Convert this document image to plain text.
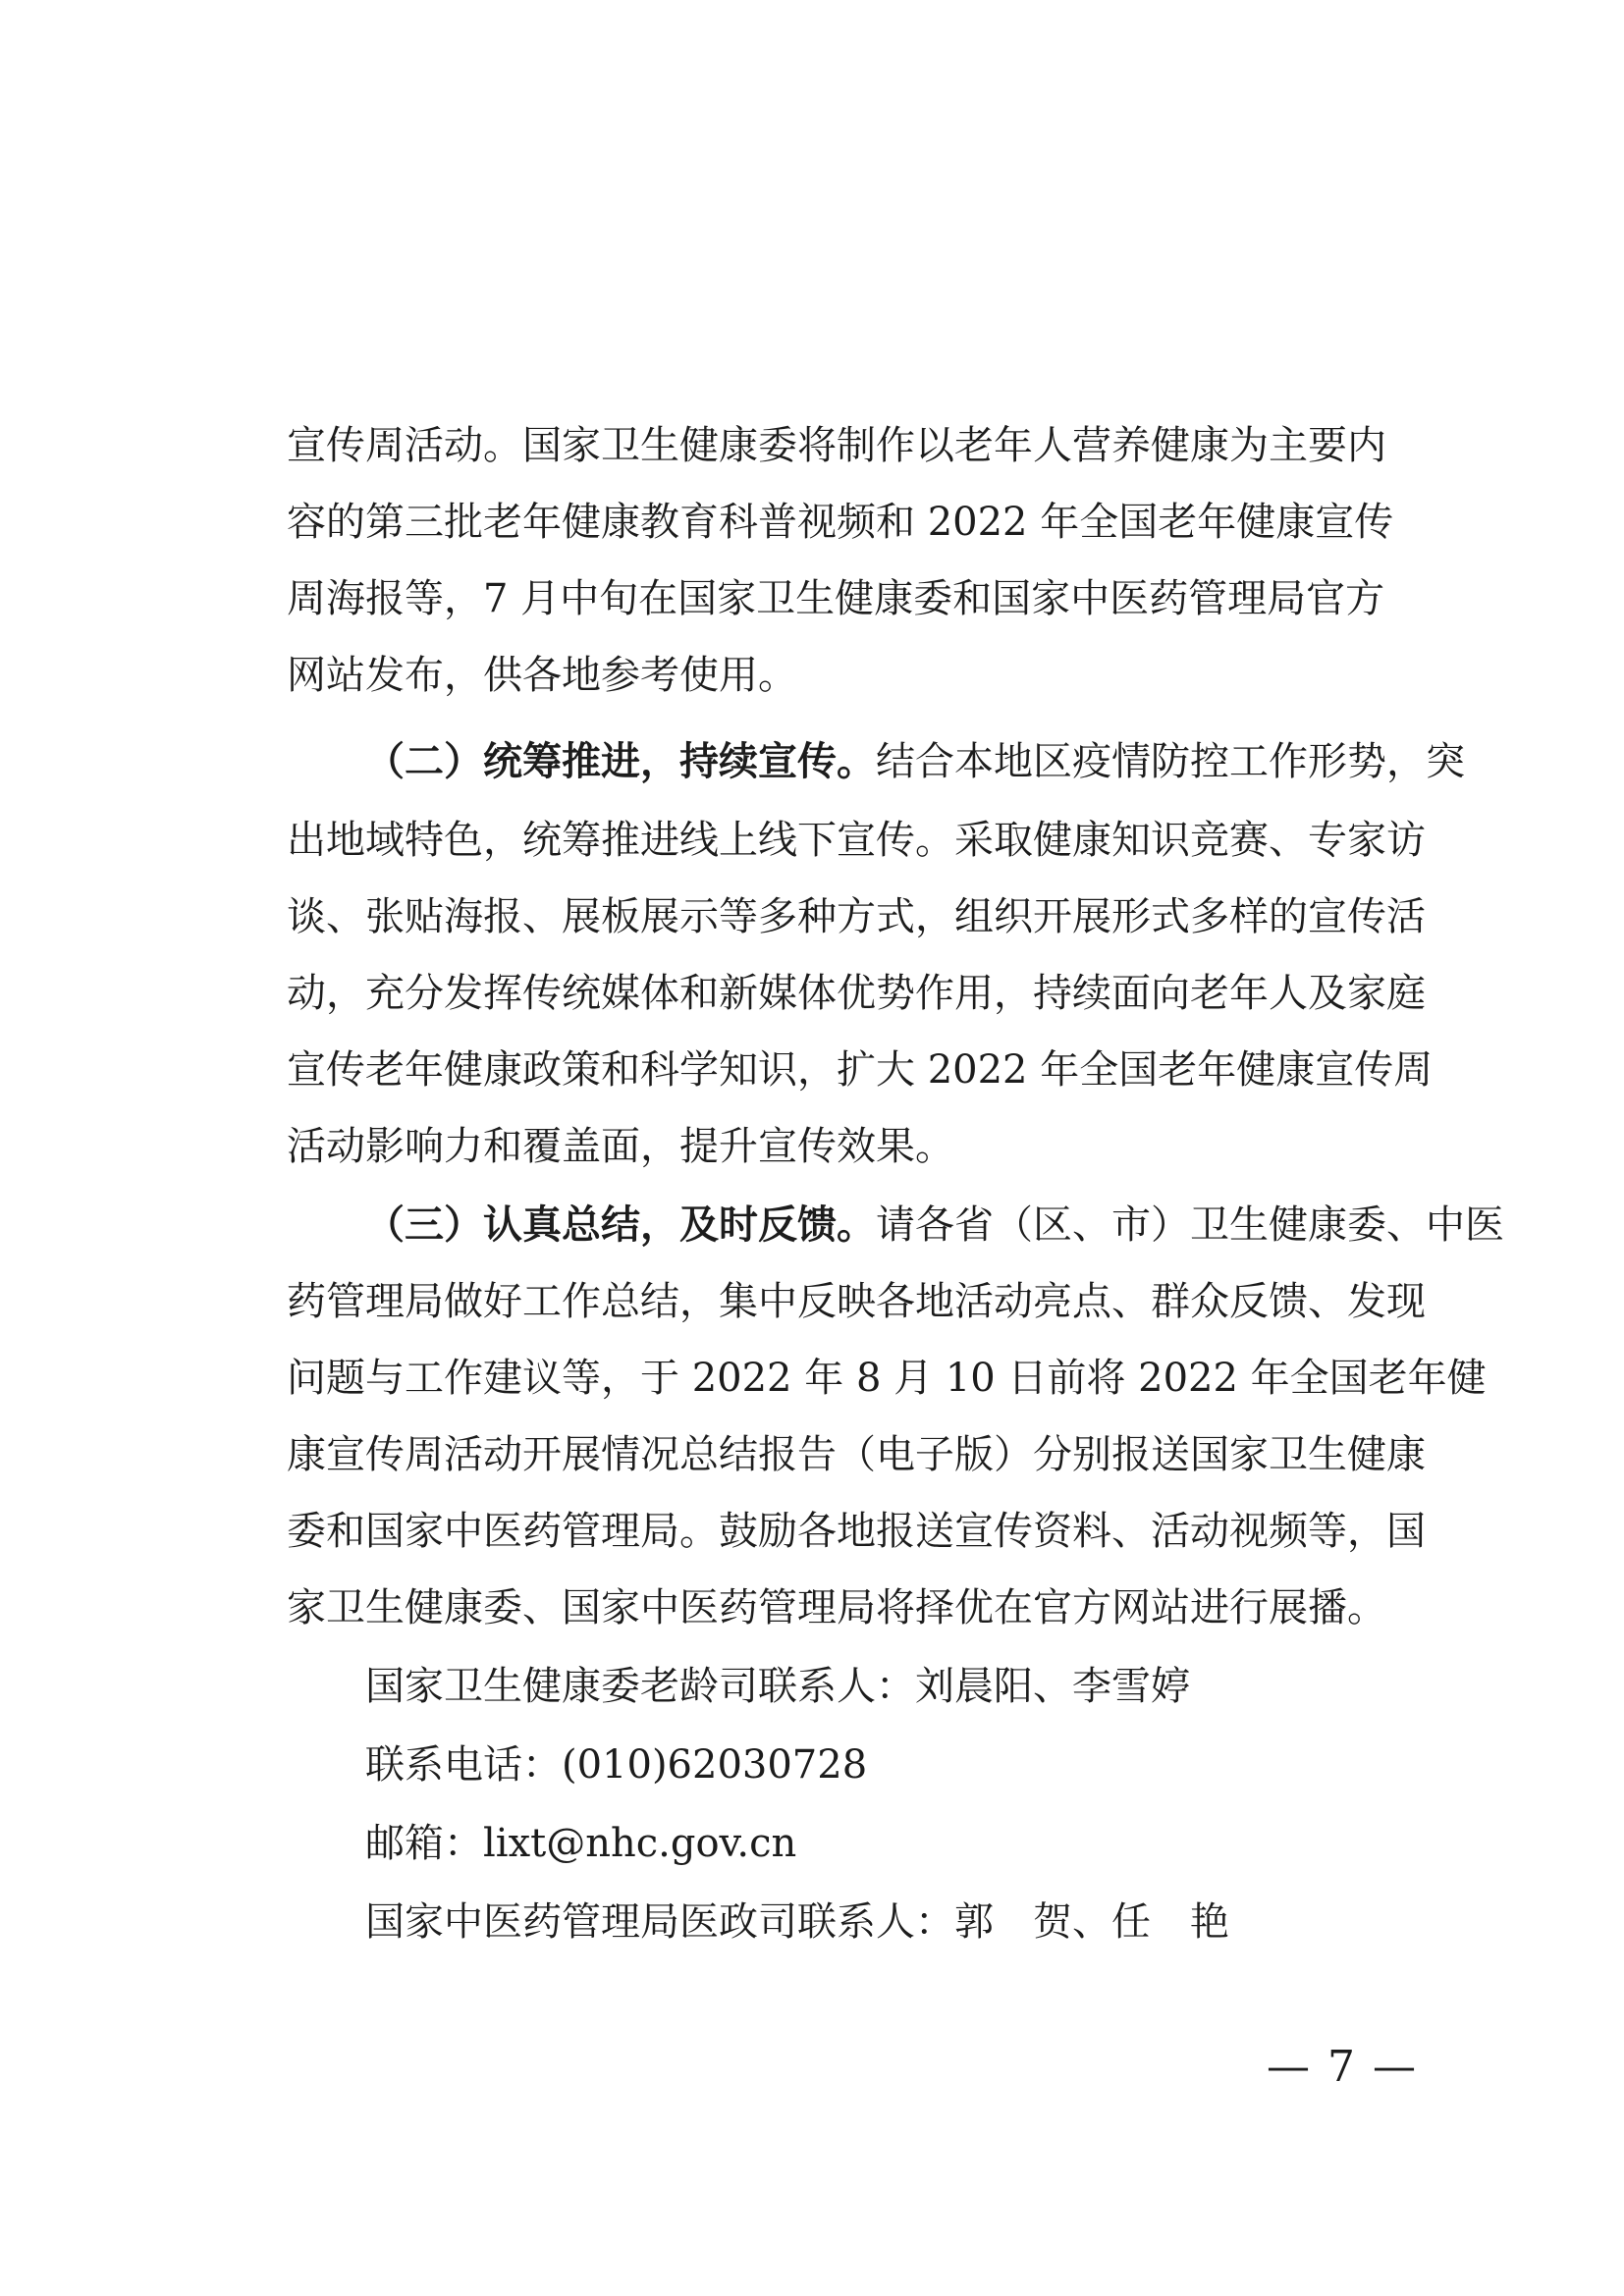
宣传周活动。国家卫生健康委将制作以老年人营养健康为主要内
容的第三批老年健康教育科普视频和 2022 年全国老年健康宣传
周海报等，7 月中旬在国家卫生健康委和国家中医药管理局官方
网站发布，供各地参考使用。
（二）统筹推进，持续宣传。结合本地区疫情防控工作形势，突
出地域特色，统筹推进线上线下宣传。采取健康知识竞赛、专家访
谈、张贴海报、展板展示等多种方式，组织开展形式多样的宣传活
动，充分发挥传统媒体和新媒体优势作用，持续面向老年人及家庭
宣传老年健康政策和科学知识，扩大 2022 年全国老年健康宣传周
活动影响力和覆盖面，提升宣传效果。
（三）认真总结，及时反馈。请各省（区、市）卫生健康委、中医
药管理局做好工作总结，集中反映各地活动亮点、群众反馈、发现
问题与工作建议等，于 2022 年 8 月 10 日前将 2022 年全国老年健
康宣传周活动开展情况总结报告（电子版）分别报送国家卫生健康
委和国家中医药管理局。鼓励各地报送宣传资料、活动视频等，国
家卫生健康委、国家中医药管理局将择优在官方网站进行展播。
国家卫生健康委老龄司联系人：刘晨阳、李雪婷
联系电话：(010)62030728
邮箱：lixt@nhc.gov.cn
国家中医药管理局医政司联系人：郭　贺、任　艳
— 7 —
